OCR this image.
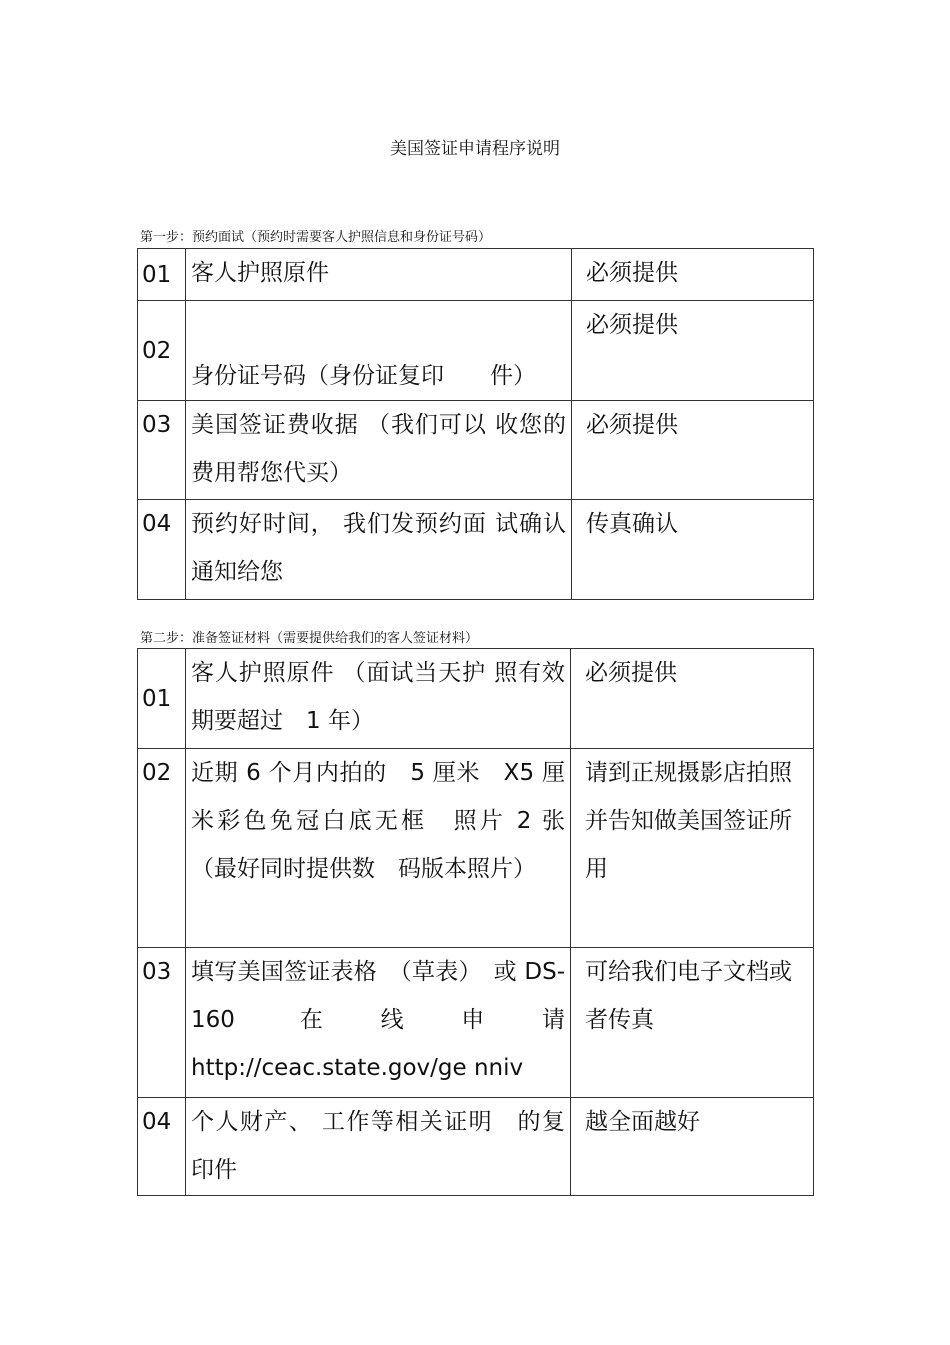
美国签证申请程序说明
第一步：预约面试（预约时需要客人护照信息和身份证号码）
01	客人护照原件	必须提供
02	身份证号码（身份证复印　　件）	必须提供
03	美国签证费收据 （我们可以 收您的费用帮您代买）	必须提供
04	预约好时间， 我们发预约面 试确认通知给您	传真确认
第二步：准备签证材料（需要提供给我们的客人签证材料）
01	客人护照原件 （面试当天护 照有效期要超过　1 年）	必须提供
02	近期 6 个月内拍的　5 厘米　X5 厘米彩色免冠白底无框　照片 2 张（最好同时提供数　码版本照片）	请到正规摄影店拍照并告知做美国签证所用
03	填写美国签证表格　（草表）　或 DS-160 在线申请 http://ceac.state.gov/ge nniv	可给我们电子文档或者传真
04	个人财产、 工作等相关证明　的复印件	越全面越好
